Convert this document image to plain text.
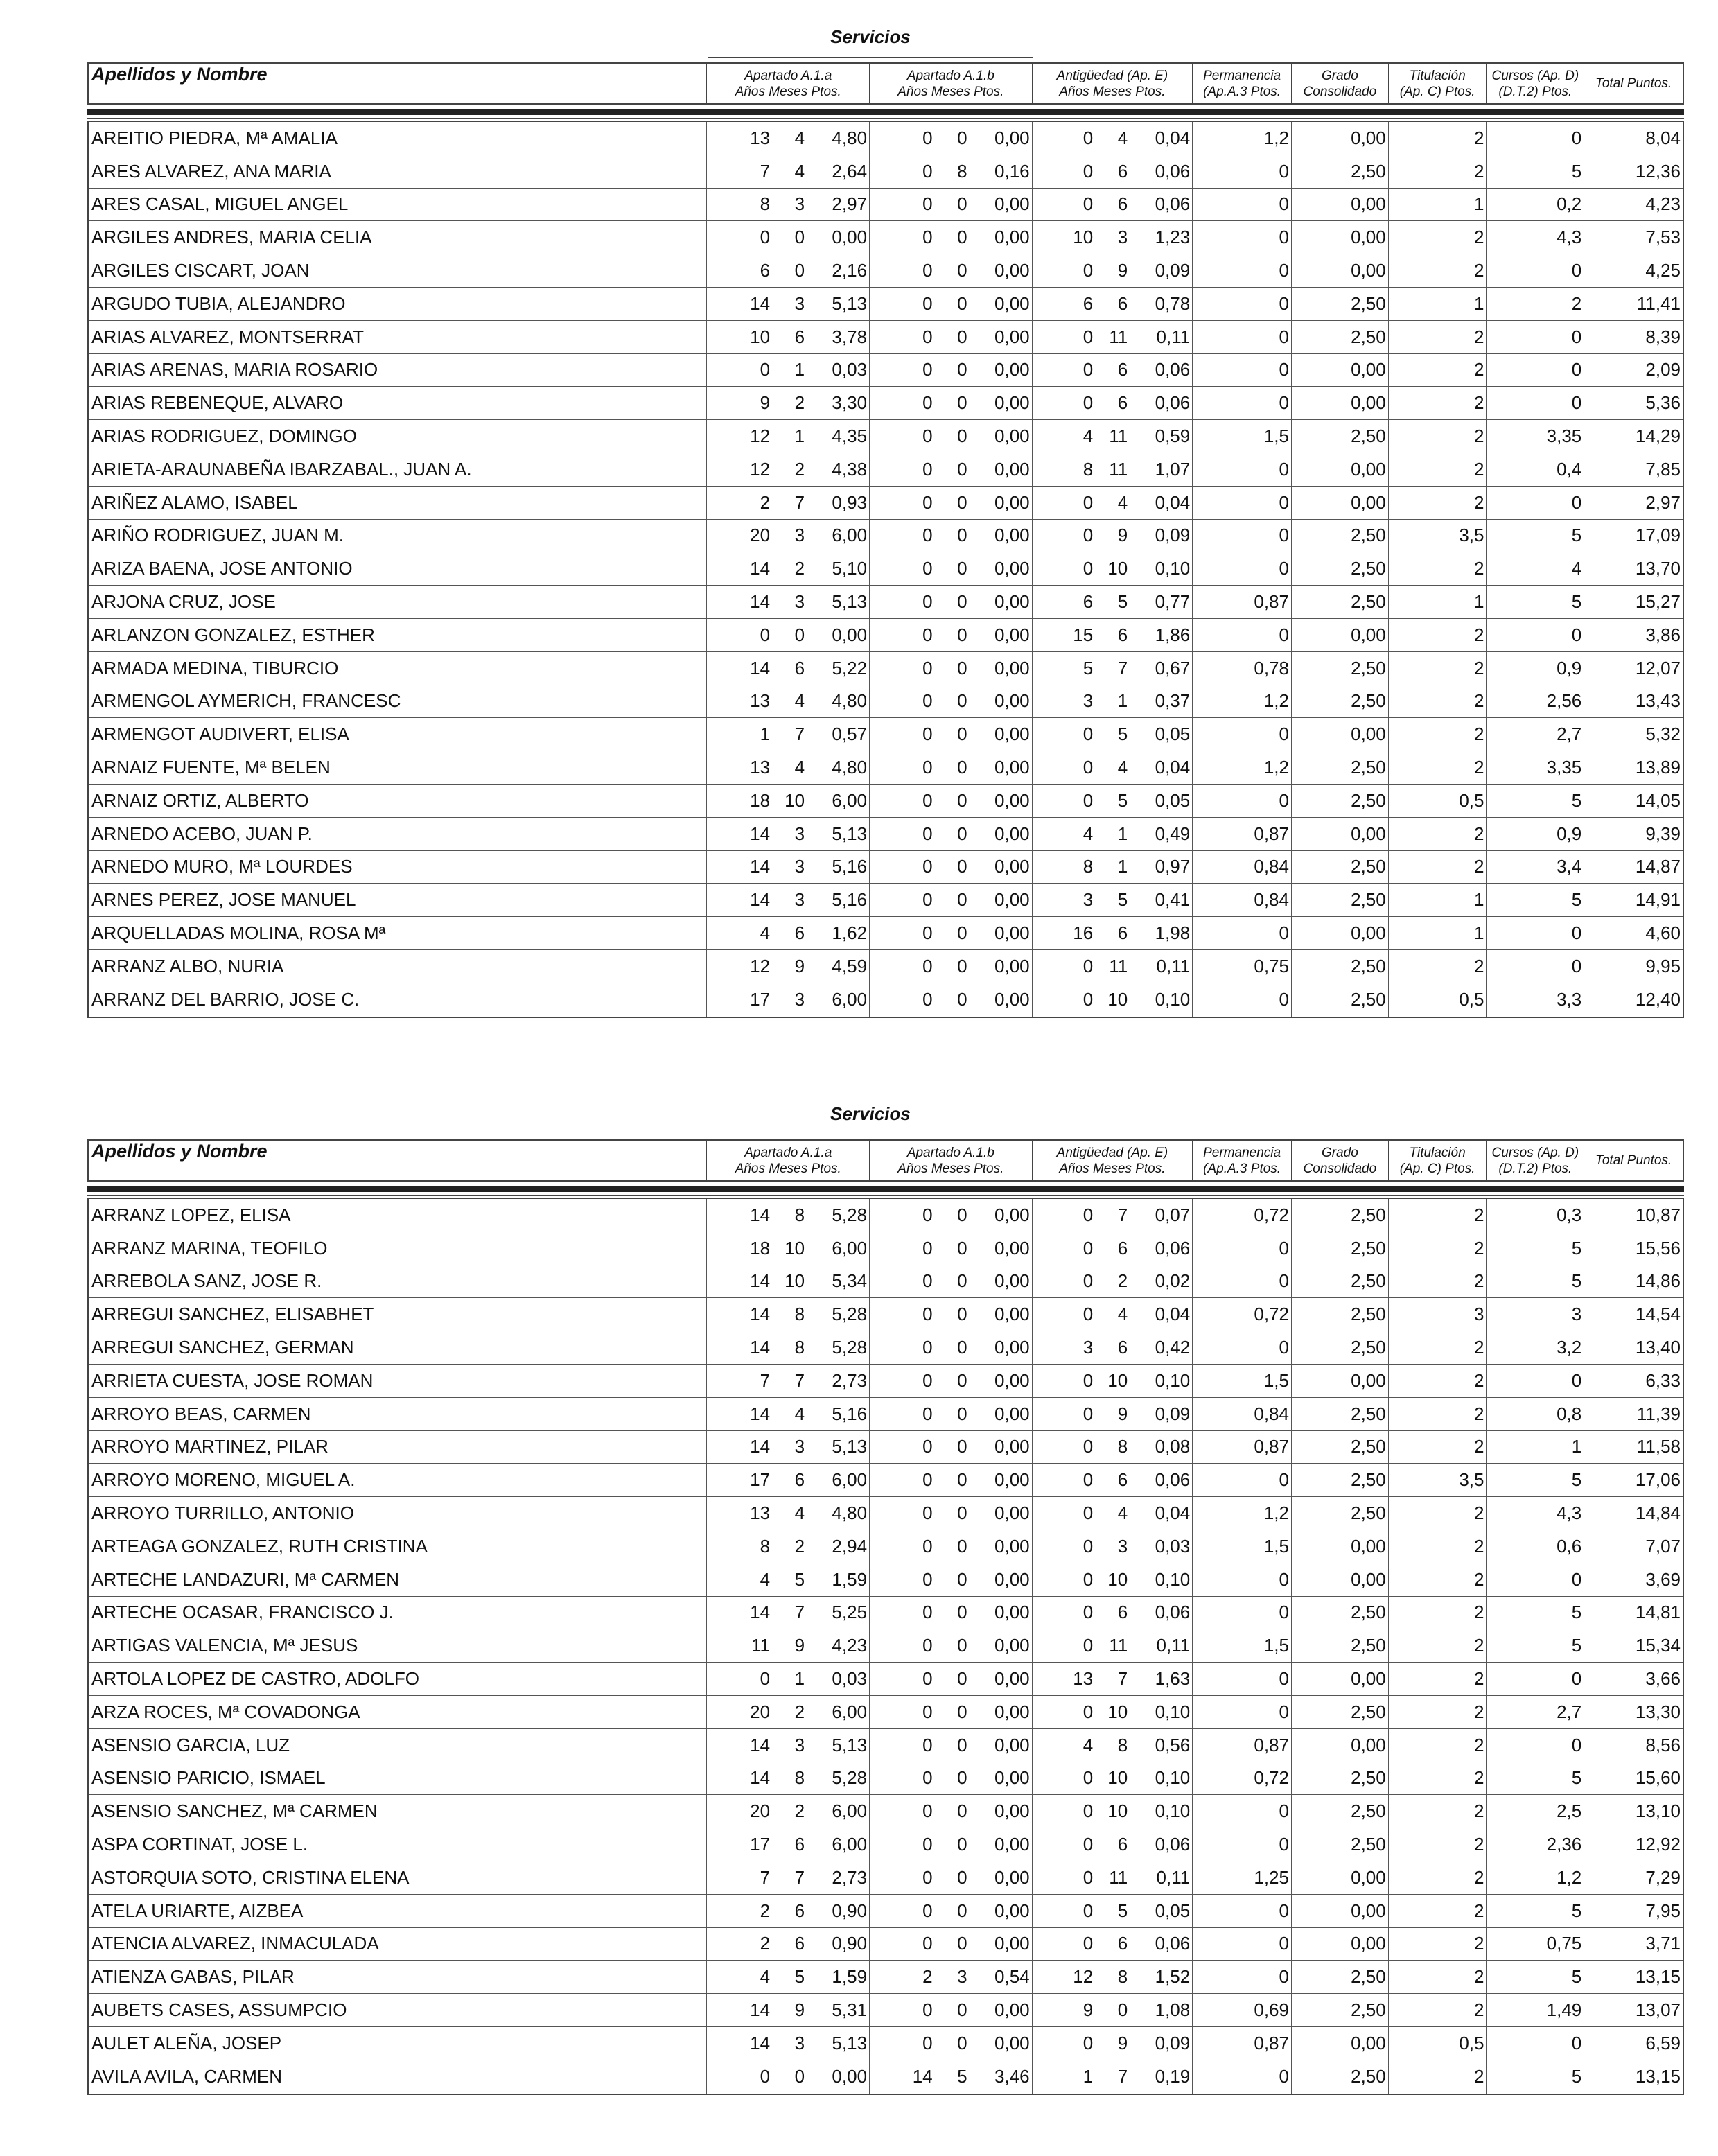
Servicios
Apellidos y Nombre	Apartado A.1.a
Años Meses Ptos.
Apartado A.1.b
Años Meses Ptos.
Antigüedad (Ap. E)
Años Meses Ptos.
Permanencia
(Ap.A.3 Ptos.
Grado
Consolidado
Titulación
(Ap. C) Ptos.
Cursos (Ap. D)
(D.T.2) Ptos.
Total Puntos.
AREITIO PIEDRA, Mª AMALIA	13	4	4,80	0	0	0,00	0	4	0,04	1,2	0,00	2	0	8,04
ARES ALVAREZ, ANA MARIA	7	4	2,64	0	8	0,16	0	6	0,06	0	2,50	2	5	12,36
ARES CASAL, MIGUEL ANGEL	8	3	2,97	0	0	0,00	0	6	0,06	0	0,00	1	0,2	4,23
ARGILES ANDRES, MARIA CELIA	0	0	0,00	0	0	0,00	10	3	1,23	0	0,00	2	4,3	7,53
ARGILES CISCART, JOAN	6	0	2,16	0	0	0,00	0	9	0,09	0	0,00	2	0	4,25
ARGUDO TUBIA, ALEJANDRO	14	3	5,13	0	0	0,00	6	6	0,78	0	2,50	1	2	11,41
ARIAS ALVAREZ, MONTSERRAT	10	6	3,78	0	0	0,00	0 11	0,11	0	2,50	2	0	8,39
ARIAS ARENAS, MARIA ROSARIO	0	1	0,03	0	0	0,00	0	6	0,06	0	0,00	2	0	2,09
ARIAS REBENEQUE, ALVARO	9	2	3,30	0	0	0,00	0	6	0,06	0	0,00	2	0	5,36
ARIAS RODRIGUEZ, DOMINGO	12	1	4,35	0	0	0,00	4 11	0,59	1,5	2,50	2	3,35	14,29
ARIETA-ARAUNABEÑA IBARZABAL., JUAN A.	12	2	4,38	0	0	0,00	8 11	1,07	0	0,00	2	0,4	7,85
ARIÑEZ ALAMO, ISABEL	2	7	0,93	0	0	0,00	0	4	0,04	0	0,00	2	0	2,97
ARIÑO RODRIGUEZ, JUAN M.	20	3	6,00	0	0	0,00	0	9	0,09	0	2,50	3,5	5	17,09
ARIZA BAENA, JOSE ANTONIO	14	2	5,10	0	0	0,00	0 10	0,10	0	2,50	2	4	13,70
ARJONA CRUZ, JOSE	14	3	5,13	0	0	0,00	6	5	0,77	0,87	2,50	1	5	15,27
ARLANZON GONZALEZ, ESTHER	0	0	0,00	0	0	0,00	15	6	1,86	0	0,00	2	0	3,86
ARMADA MEDINA, TIBURCIO	14	6	5,22	0	0	0,00	5	7	0,67	0,78	2,50	2	0,9	12,07
ARMENGOL AYMERICH, FRANCESC	13	4	4,80	0	0	0,00	3	1	0,37	1,2	2,50	2	2,56	13,43
ARMENGOT AUDIVERT, ELISA	1	7	0,57	0	0	0,00	0	5	0,05	0	0,00	2	2,7	5,32
ARNAIZ FUENTE, Mª BELEN	13	4	4,80	0	0	0,00	0	4	0,04	1,2	2,50	2	3,35	13,89
ARNAIZ ORTIZ, ALBERTO	18 10	6,00	0	0	0,00	0	5	0,05	0	2,50	0,5	5	14,05
ARNEDO ACEBO, JUAN P.	14	3	5,13	0	0	0,00	4	1	0,49	0,87	0,00	2	0,9	9,39
ARNEDO MURO, Mª LOURDES	14	3	5,16	0	0	0,00	8	1	0,97	0,84	2,50	2	3,4	14,87
ARNES PEREZ, JOSE MANUEL	14	3	5,16	0	0	0,00	3	5	0,41	0,84	2,50	1	5	14,91
ARQUELLADAS MOLINA, ROSA Mª	4	6	1,62	0	0	0,00	16	6	1,98	0	0,00	1	0	4,60
ARRANZ ALBO, NURIA	12	9	4,59	0	0	0,00	0 11	0,11	0,75	2,50	2	0	9,95
ARRANZ DEL BARRIO, JOSE C.	17	3	6,00	0	0	0,00	0 10	0,10	0	2,50	0,5	3,3	12,40
Servicios
Apellidos y Nombre	Apartado A.1.a
Años Meses Ptos.
Apartado A.1.b
Años Meses Ptos.
Antigüedad (Ap. E)
Años Meses Ptos.
Permanencia
(Ap.A.3 Ptos.
Grado
Consolidado
Titulación
(Ap. C) Ptos.
Cursos (Ap. D)
(D.T.2) Ptos.
Total Puntos.
ARRANZ LOPEZ, ELISA	14	8	5,28	0	0	0,00	0	7	0,07	0,72	2,50	2	0,3	10,87
ARRANZ MARINA, TEOFILO	18 10	6,00	0	0	0,00	0	6	0,06	0	2,50	2	5	15,56
ARREBOLA SANZ, JOSE R.	14 10	5,34	0	0	0,00	0	2	0,02	0	2,50	2	5	14,86
ARREGUI SANCHEZ, ELISABHET	14	8	5,28	0	0	0,00	0	4	0,04	0,72	2,50	3	3	14,54
ARREGUI SANCHEZ, GERMAN	14	8	5,28	0	0	0,00	3	6	0,42	0	2,50	2	3,2	13,40
ARRIETA CUESTA, JOSE ROMAN	7	7	2,73	0	0	0,00	0 10	0,10	1,5	0,00	2	0	6,33
ARROYO BEAS, CARMEN	14	4	5,16	0	0	0,00	0	9	0,09	0,84	2,50	2	0,8	11,39
ARROYO MARTINEZ, PILAR	14	3	5,13	0	0	0,00	0	8	0,08	0,87	2,50	2	1	11,58
ARROYO MORENO, MIGUEL A.	17	6	6,00	0	0	0,00	0	6	0,06	0	2,50	3,5	5	17,06
ARROYO TURRILLO, ANTONIO	13	4	4,80	0	0	0,00	0	4	0,04	1,2	2,50	2	4,3	14,84
ARTEAGA GONZALEZ, RUTH CRISTINA	8	2	2,94	0	0	0,00	0	3	0,03	1,5	0,00	2	0,6	7,07
ARTECHE LANDAZURI, Mª CARMEN	4	5	1,59	0	0	0,00	0 10	0,10	0	0,00	2	0	3,69
ARTECHE OCASAR, FRANCISCO J.	14	7	5,25	0	0	0,00	0	6	0,06	0	2,50	2	5	14,81
ARTIGAS VALENCIA, Mª JESUS	11	9	4,23	0	0	0,00	0 11	0,11	1,5	2,50	2	5	15,34
ARTOLA LOPEZ DE CASTRO, ADOLFO	0	1	0,03	0	0	0,00	13	7	1,63	0	0,00	2	0	3,66
ARZA ROCES, Mª COVADONGA	20	2	6,00	0	0	0,00	0 10	0,10	0	2,50	2	2,7	13,30
ASENSIO GARCIA, LUZ	14	3	5,13	0	0	0,00	4	8	0,56	0,87	0,00	2	0	8,56
ASENSIO PARICIO, ISMAEL	14	8	5,28	0	0	0,00	0 10	0,10	0,72	2,50	2	5	15,60
ASENSIO SANCHEZ, Mª CARMEN	20	2	6,00	0	0	0,00	0 10	0,10	0	2,50	2	2,5	13,10
ASPA CORTINAT, JOSE L.	17	6	6,00	0	0	0,00	0	6	0,06	0	2,50	2	2,36	12,92
ASTORQUIA SOTO, CRISTINA ELENA	7	7	2,73	0	0	0,00	0 11	0,11	1,25	0,00	2	1,2	7,29
ATELA URIARTE, AIZBEA	2	6	0,90	0	0	0,00	0	5	0,05	0	0,00	2	5	7,95
ATENCIA ALVAREZ, INMACULADA	2	6	0,90	0	0	0,00	0	6	0,06	0	0,00	2	0,75	3,71
ATIENZA GABAS, PILAR	4	5	1,59	2	3	0,54	12	8	1,52	0	2,50	2	5	13,15
AUBETS CASES, ASSUMPCIO	14	9	5,31	0	0	0,00	9	0	1,08	0,69	2,50	2	1,49	13,07
AULET ALEÑA, JOSEP	14	3	5,13	0	0	0,00	0	9	0,09	0,87	0,00	0,5	0	6,59
AVILA AVILA, CARMEN	0	0	0,00	14	5	3,46	1	7	0,19	0	2,50	2	5	13,15
